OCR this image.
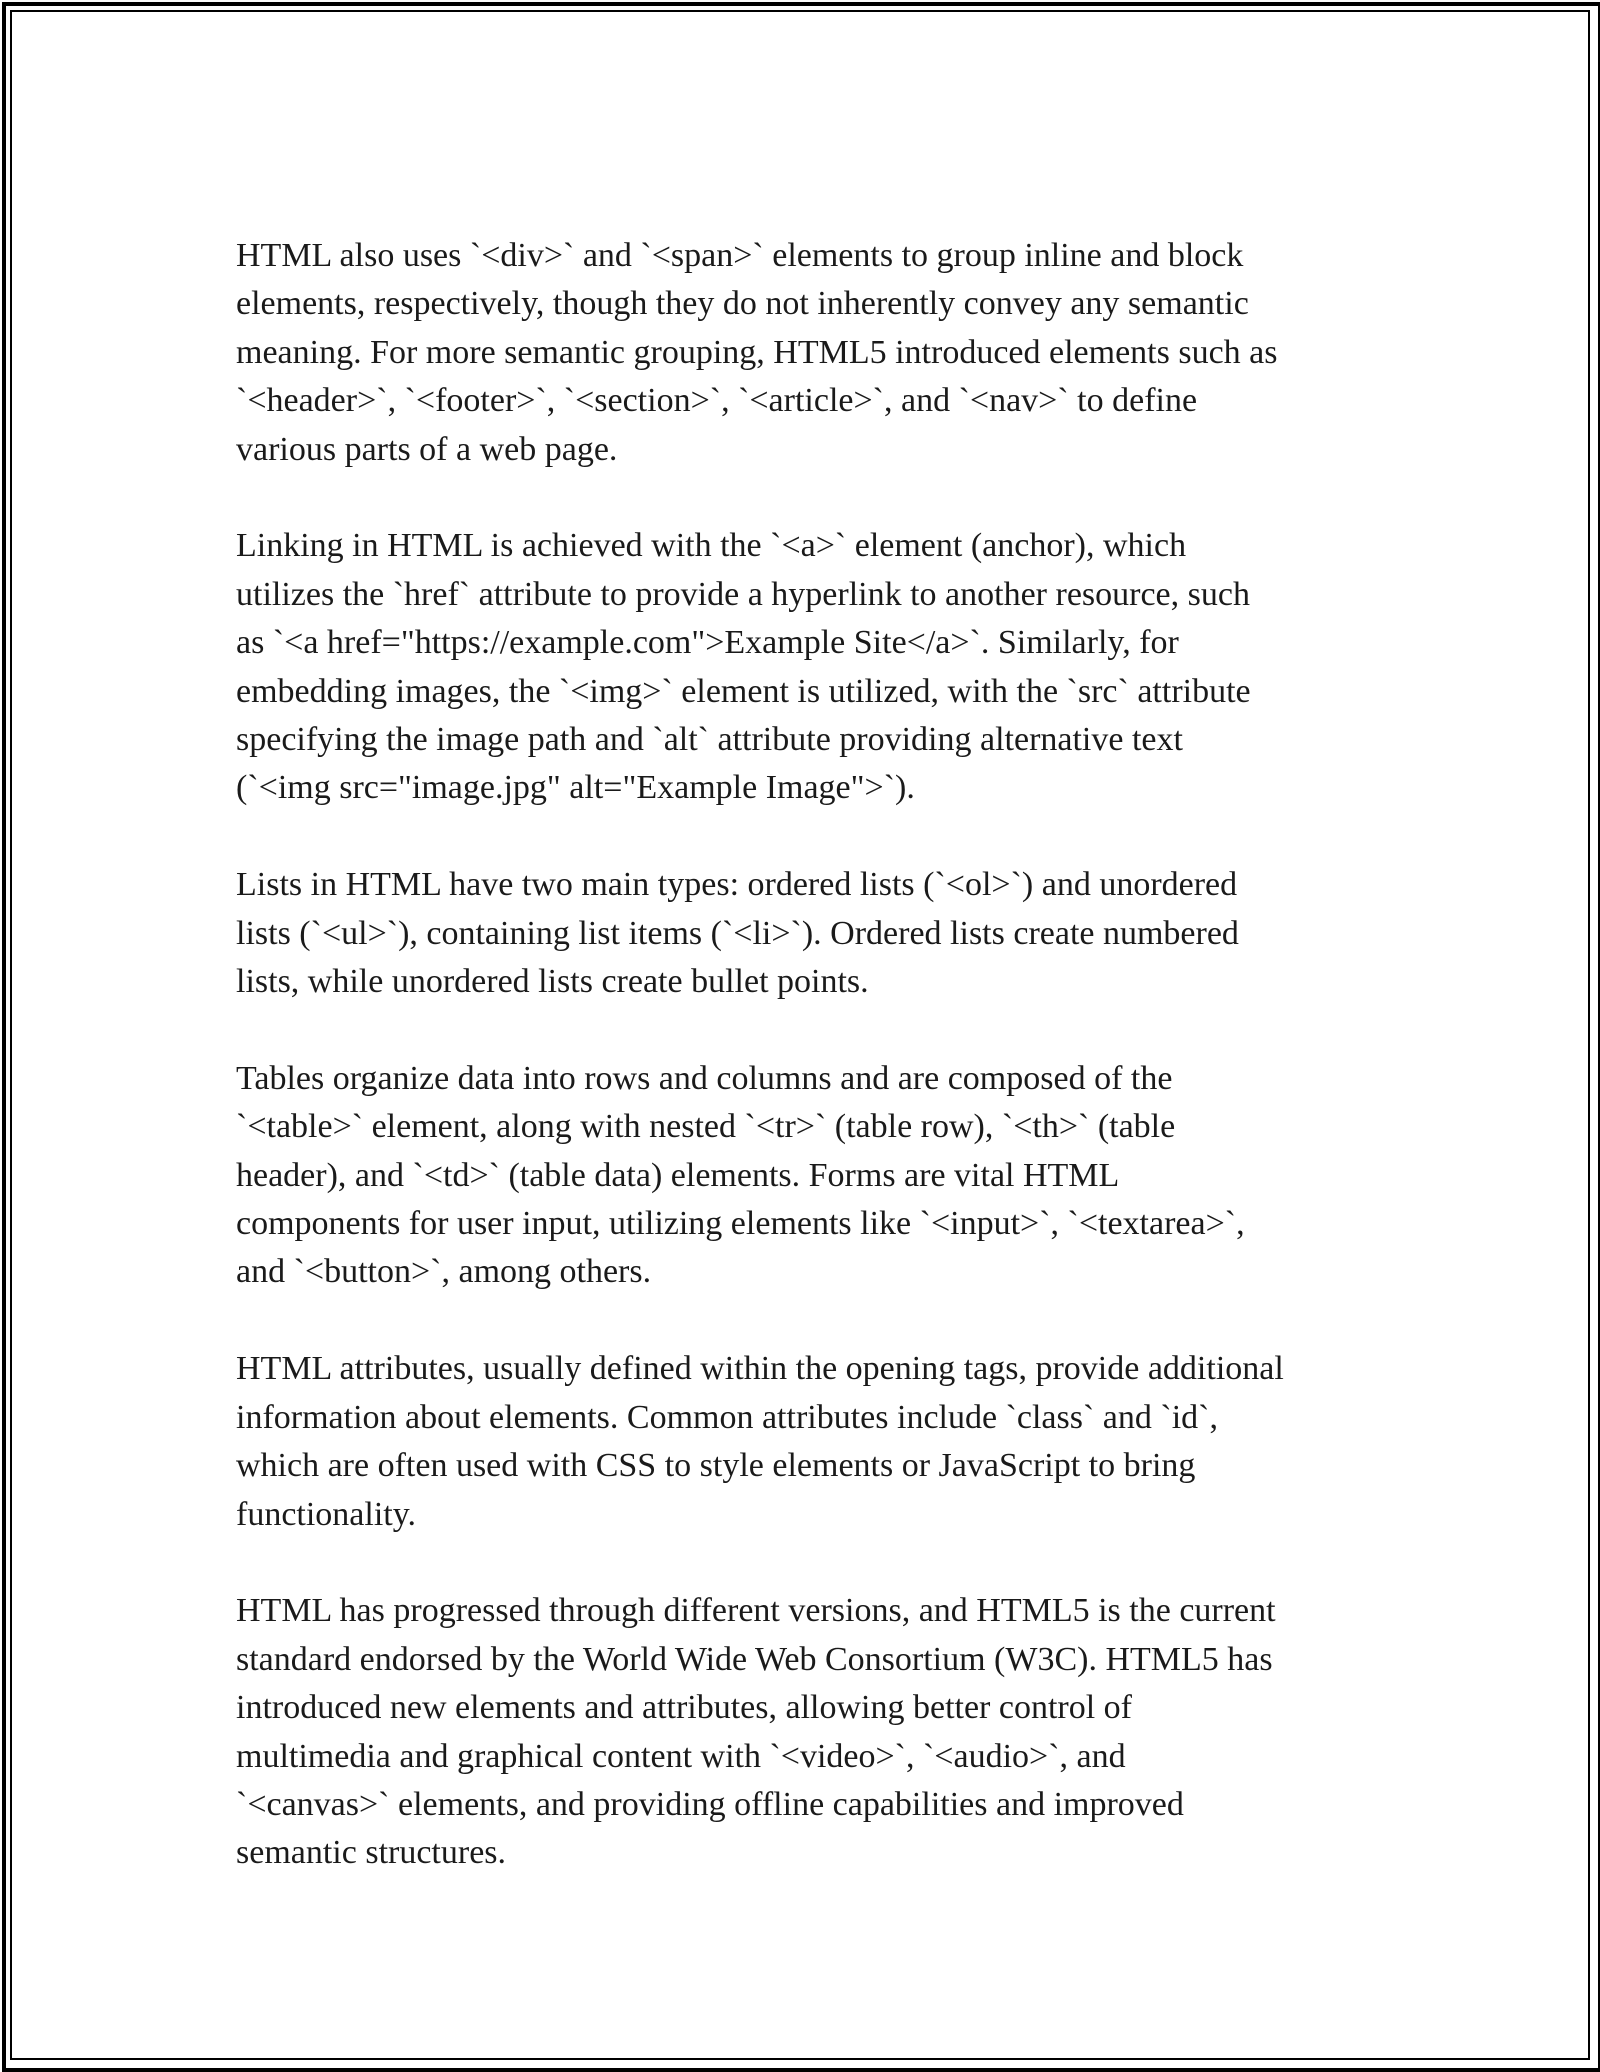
HTML also uses `<div>` and `<span>` elements to group inline and block
elements, respectively, though they do not inherently convey any semantic
meaning. For more semantic grouping, HTML5 introduced elements such as
`<header>`, `<footer>`, `<section>`, `<article>`, and `<nav>` to define
various parts of a web page.

Linking in HTML is achieved with the `<a>` element (anchor), which
utilizes the `href` attribute to provide a hyperlink to another resource, such
as `<a href="https://example.com">Example Site</a>`. Similarly, for
embedding images, the `<img>` element is utilized, with the `src` attribute
specifying the image path and `alt` attribute providing alternative text
(`<img src="image.jpg" alt="Example Image">`).

Lists in HTML have two main types: ordered lists (`<ol>`) and unordered
lists (`<ul>`), containing list items (`<li>`). Ordered lists create numbered
lists, while unordered lists create bullet points.

Tables organize data into rows and columns and are composed of the
`<table>` element, along with nested `<tr>` (table row), `<th>` (table
header), and `<td>` (table data) elements. Forms are vital HTML
components for user input, utilizing elements like `<input>`, `<textarea>`,
and `<button>`, among others.

HTML attributes, usually defined within the opening tags, provide additional
information about elements. Common attributes include `class` and `id`,
which are often used with CSS to style elements or JavaScript to bring
functionality.

HTML has progressed through different versions, and HTML5 is the current
standard endorsed by the World Wide Web Consortium (W3C). HTML5 has
introduced new elements and attributes, allowing better control of
multimedia and graphical content with `<video>`, `<audio>`, and
`<canvas>` elements, and providing offline capabilities and improved
semantic structures.
